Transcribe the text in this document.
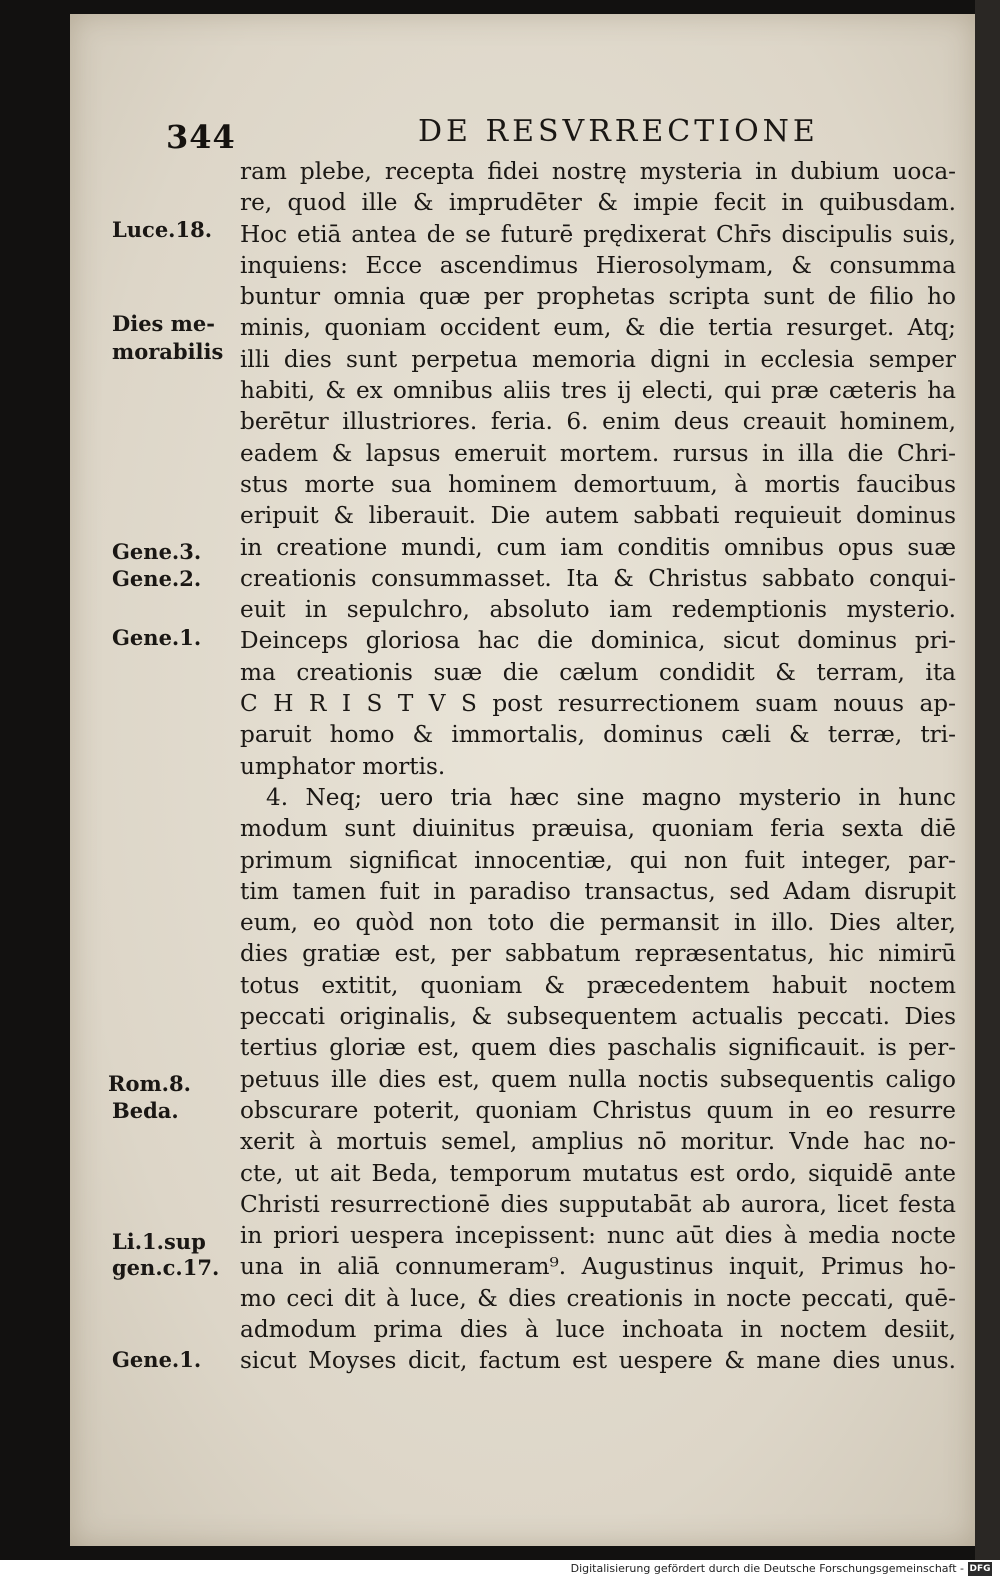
344	DE RESVRRECTIONE
Luce.18.
Dies me-
morabilis
Gene.3.
Gene.2.
Gene.1.
Rom.8.
Beda.
Li.1.sup
gen.c.17.
Gene.1.
ram plebe, recepta fidei nostrę mysteria in dubium uoca-
re, quod ille & imprudēter & impie fecit in quibusdam.
Hoc etiā antea de se futurē prędixerat Chr̄s discipulis suis,
inquiens: Ecce ascendimus Hierosolymam, & consumma
buntur omnia quæ per prophetas scripta sunt de filio ho
minis, quoniam occident eum, & die tertia resurget. Atq;
illi dies sunt perpetua memoria digni in ecclesia semper
habiti, & ex omnibus aliis tres ij electi, qui præ cæteris ha
berētur illustriores. feria. 6. enim deus creauit hominem,
eadem & lapsus emeruit mortem. rursus in illa die Chri-
stus morte sua hominem demortuum, à mortis faucibus
eripuit & liberauit. Die autem sabbati requieuit dominus
in creatione mundi, cum iam conditis omnibus opus suæ
creationis consummasset. Ita & Christus sabbato conqui-
euit in sepulchro, absoluto iam redemptionis mysterio.
Deinceps gloriosa hac die dominica, sicut dominus pri-
ma creationis suæ die cælum condidit & terram, ita
C H R I S T V S post resurrectionem suam nouus ap-
paruit homo & immortalis, dominus cæli & terræ, tri-
umphator mortis.
4. Neq; uero tria hæc sine magno mysterio in hunc
modum sunt diuinitus præuisa, quoniam feria sexta diē
primum significat innocentiæ, qui non fuit integer, par-
tim tamen fuit in paradiso transactus, sed Adam disrupit
eum, eo quòd non toto die permansit in illo. Dies alter,
dies gratiæ est, per sabbatum repræsentatus, hic nimirū
totus extitit, quoniam & præcedentem habuit noctem
peccati originalis, & subsequentem actualis peccati. Dies
tertius gloriæ est, quem dies paschalis significauit. is per-
petuus ille dies est, quem nulla noctis subsequentis caligo
obscurare poterit, quoniam Christus quum in eo resurre
xerit à mortuis semel, amplius nō moritur. Vnde hac no-
cte, ut ait Beda, temporum mutatus est ordo, siquidē ante
Christi resurrectionē dies supputabāt ab aurora, licet festa
in priori uespera incepissent: nunc aūt dies à media nocte
una in aliā connumeram⁹. Augustinus inquit, Primus ho-
mo ceci dit à luce, & dies creationis in nocte peccati, quē-
admodum prima dies à luce inchoata in noctem desiit,
sicut Moyses dicit, factum est uespere & mane dies unus.
Digitalisierung gefördert durch die Deutsche Forschungsgemeinschaft - DFG
